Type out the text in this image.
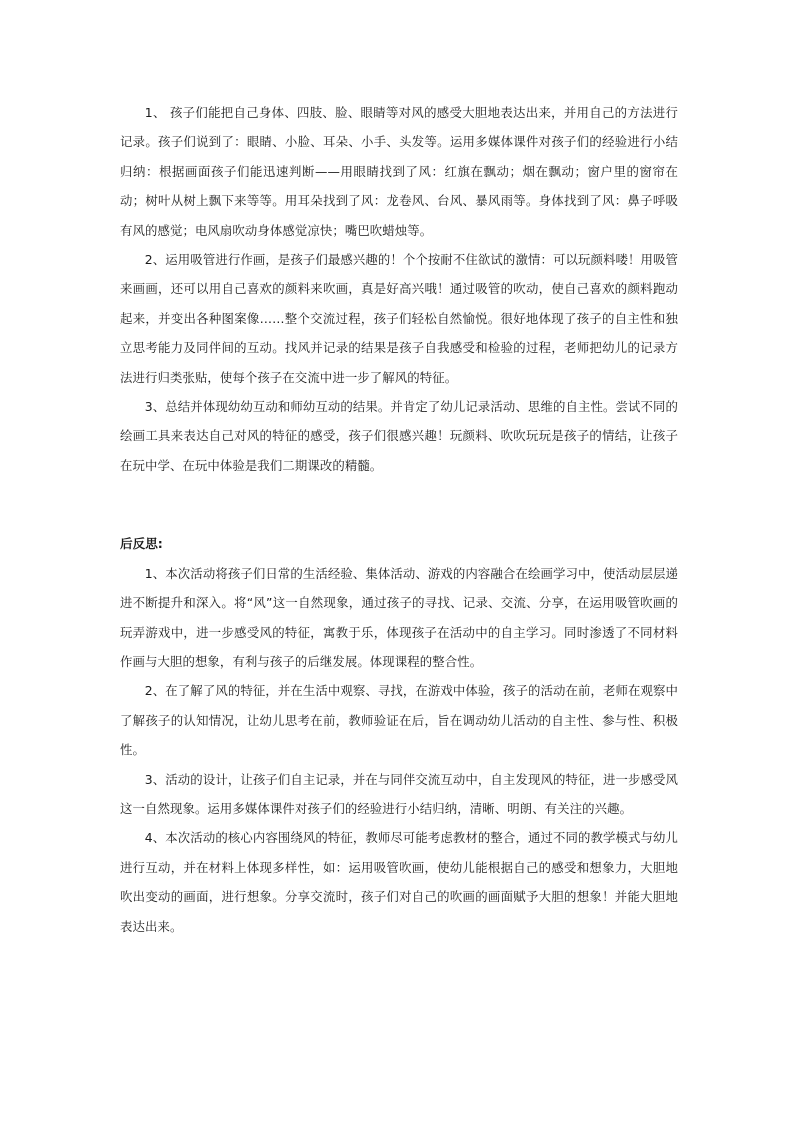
1、 孩子们能把自己身体、四肢、脸、眼睛等对风的感受大胆地表达出来，并用自己的方法进行记录。孩子们说到了：眼睛、小脸、耳朵、小手、头发等。运用多媒体课件对孩子们的经验进行小结归纳：根据画面孩子们能迅速判断——用眼睛找到了风：红旗在飘动；烟在飘动；窗户里的窗帘在动；树叶从树上飘下来等等。用耳朵找到了风：龙卷风、台风、暴风雨等。身体找到了风：鼻子呼吸有风的感觉；电风扇吹动身体感觉凉快；嘴巴吹蜡烛等。

2、运用吸管进行作画，是孩子们最感兴趣的！个个按耐不住欲试的激情：可以玩颜料喽！用吸管来画画，还可以用自己喜欢的颜料来吹画，真是好高兴哦！通过吸管的吹动，使自己喜欢的颜料跑动起来，并变出各种图案像……整个交流过程，孩子们轻松自然愉悦。很好地体现了孩子的自主性和独立思考能力及同伴间的互动。找风并记录的结果是孩子自我感受和检验的过程，老师把幼儿的记录方法进行归类张贴，使每个孩子在交流中进一步了解风的特征。

3、总结并体现幼幼互动和师幼互动的结果。并肯定了幼儿记录活动、思维的自主性。尝试不同的绘画工具来表达自己对风的特征的感受，孩子们很感兴趣！玩颜料、吹吹玩玩是孩子的情结，让孩子在玩中学、在玩中体验是我们二期课改的精髓。

后反思:

1、本次活动将孩子们日常的生活经验、集体活动、游戏的内容融合在绘画学习中，使活动层层递进不断提升和深入。将“风”这一自然现象，通过孩子的寻找、记录、交流、分享，在运用吸管吹画的玩弄游戏中，进一步感受风的特征，寓教于乐，体现孩子在活动中的自主学习。同时渗透了不同材料作画与大胆的想象，有利与孩子的后继发展。体现课程的整合性。

2、在了解了风的特征，并在生活中观察、寻找，在游戏中体验，孩子的活动在前，老师在观察中了解孩子的认知情况，让幼儿思考在前，教师验证在后，旨在调动幼儿活动的自主性、参与性、积极性。

3、活动的设计，让孩子们自主记录，并在与同伴交流互动中，自主发现风的特征，进一步感受风这一自然现象。运用多媒体课件对孩子们的经验进行小结归纳，清晰、明朗、有关注的兴趣。

4、本次活动的核心内容围绕风的特征，教师尽可能考虑教材的整合，通过不同的教学模式与幼儿进行互动，并在材料上体现多样性，如：运用吸管吹画，使幼儿能根据自己的感受和想象力，大胆地吹出变动的画面，进行想象。分享交流时，孩子们对自己的吹画的画面赋予大胆的想象！并能大胆地表达出来。
